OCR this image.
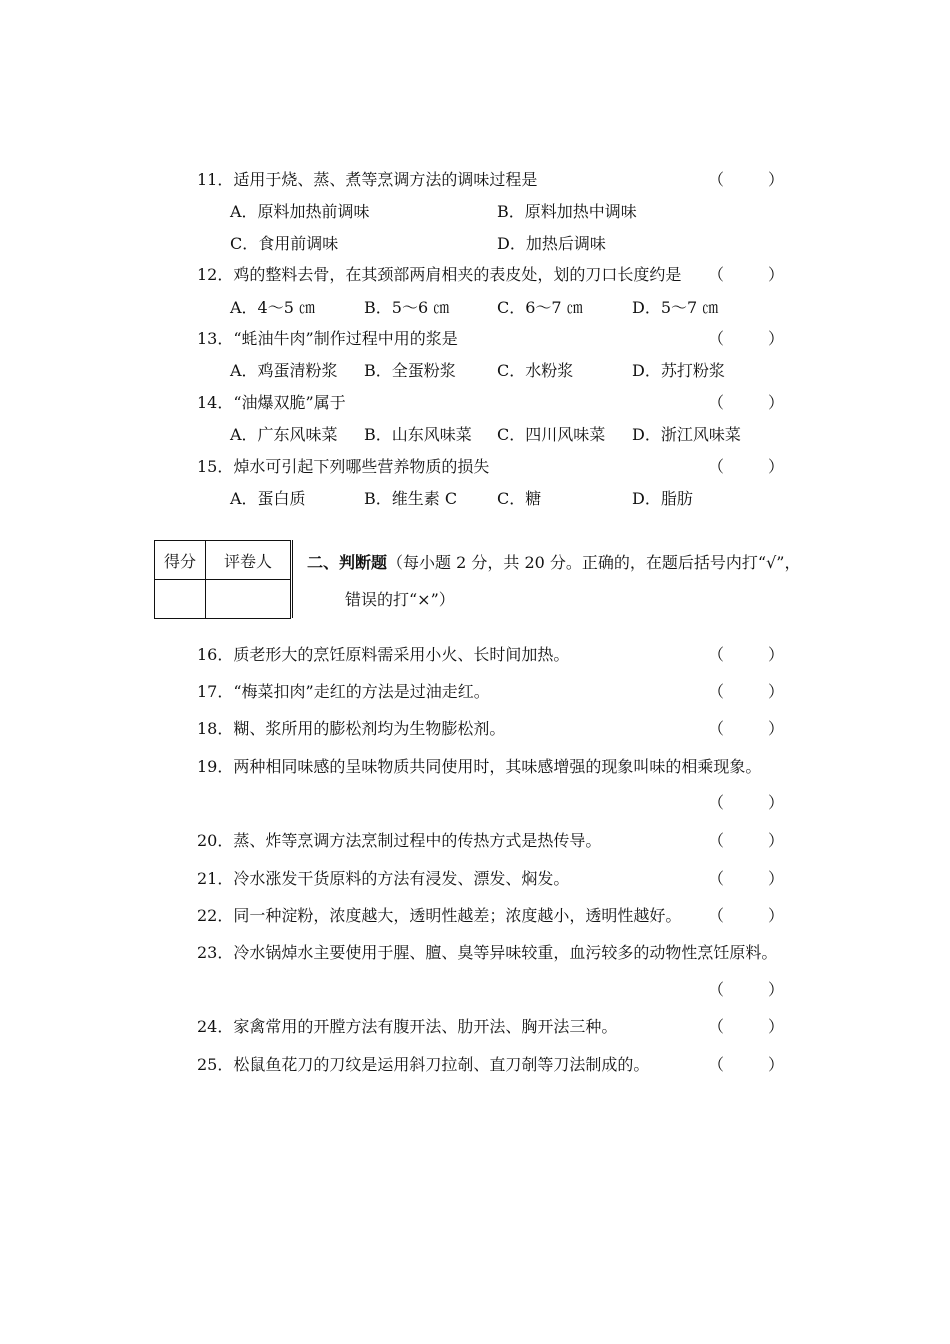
11．适用于烧、蒸、煮等烹调方法的调味过程是	（	）
A．原料加热前调味	B．原料加热中调味
C．食用前调味	D．加热后调味
12．鸡的整料去骨，在其颈部两肩相夹的表皮处，划的刀口长度约是 （	）
A．4～5 ㎝	B．5～6 ㎝	C．6～7 ㎝	D．5～7 ㎝
13．“蚝油牛肉”制作过程中用的浆是	（	）
A．鸡蛋清粉浆 B．全蛋粉浆	C．水粉浆	D．苏打粉浆
14．“油爆双脆”属于	（	）
A．广东风味菜 B．山东风味菜 C．四川风味菜 D．浙江风味菜
15．焯水可引起下列哪些营养物质的损失	（	）
A．蛋白质	B．维生素 C C．糖	D．脂肪
得分	评卷人
	二、判断题（每小题 2 分，共 20 分。正确的，在题后括号内打“√”，
错误的打“×”）
16．质老形大的烹饪原料需采用小火、长时间加热。	（	）
17．“梅菜扣肉”走红的方法是过油走红。	（	）
18．糊、浆所用的膨松剂均为生物膨松剂。	（	）
19．两种相同味感的呈味物质共同使用时，其味感增强的现象叫味的相乘现象。
（	）
20．蒸、炸等烹调方法烹制过程中的传热方式是热传导。	（	）
21．冷水涨发干货原料的方法有浸发、漂发、焖发。	（	）
22．同一种淀粉，浓度越大，透明性越差；浓度越小，透明性越好。 （	）
23．冷水锅焯水主要使用于腥、膻、臭等异味较重，血污较多的动物性烹饪原料。
（	）
24．家禽常用的开膛方法有腹开法、肋开法、胸开法三种。	（	）
25．松鼠鱼花刀的刀纹是运用斜刀拉剞、直刀剞等刀法制成的。	（	）
